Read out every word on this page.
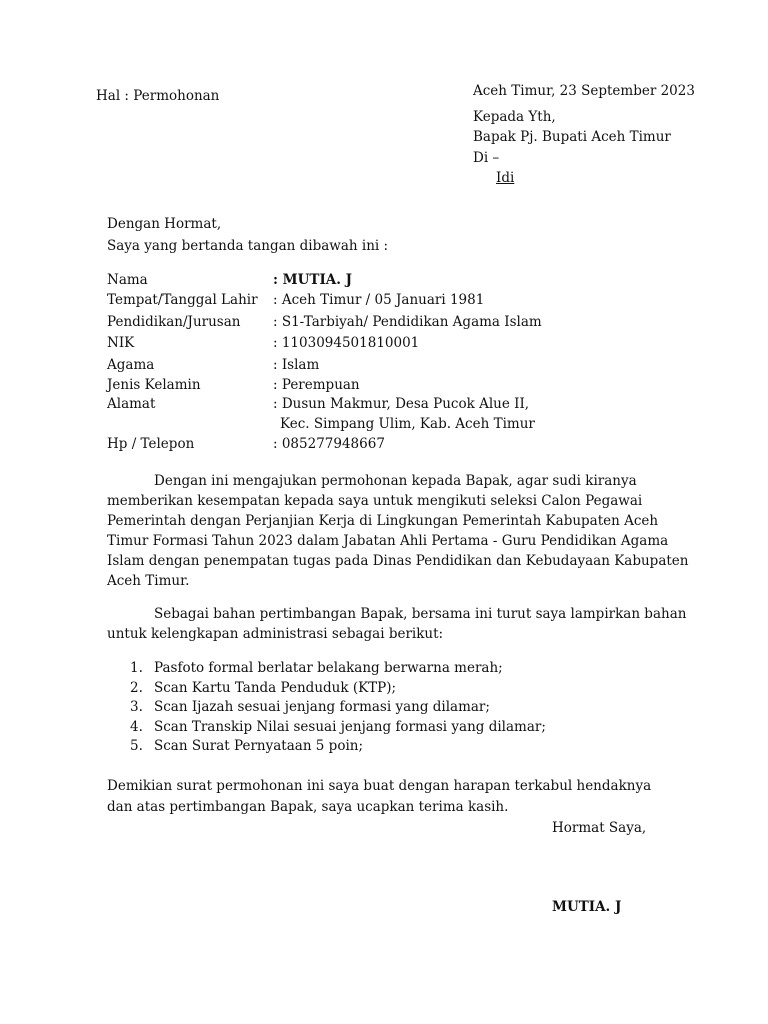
Hal : Permohonan	Aceh Timur, 23 September 2023
Kepada Yth,
Bapak Pj. Bupati Aceh Timur
Di –
Idi
Dengan Hormat,
Saya yang bertanda tangan dibawah ini :
Nama	: MUTIA. J
Tempat/Tanggal Lahir : Aceh Timur / 05 Januari 1981
Pendidikan/Jurusan : S1-Tarbiyah/ Pendidikan Agama Islam
NIK	: 1103094501810001
Agama	: Islam
Jenis Kelamin	: Perempuan
Alamat	: Dusun Makmur, Desa Pucok Alue II,
Kec. Simpang Ulim, Kab. Aceh Timur
Hp / Telepon	: 085277948667
Dengan ini mengajukan permohonan kepada Bapak, agar sudi kiranya
memberikan kesempatan kepada saya untuk mengikuti seleksi Calon Pegawai
Pemerintah dengan Perjanjian Kerja di Lingkungan Pemerintah Kabupaten Aceh
Timur Formasi Tahun 2023 dalam Jabatan Ahli Pertama - Guru Pendidikan Agama
Islam dengan penempatan tugas pada Dinas Pendidikan dan Kebudayaan Kabupaten
Aceh Timur.
Sebagai bahan pertimbangan Bapak, bersama ini turut saya lampirkan bahan
untuk kelengkapan administrasi sebagai berikut:
1. Pasfoto formal berlatar belakang berwarna merah;
2. Scan Kartu Tanda Penduduk (KTP);
3. Scan Ijazah sesuai jenjang formasi yang dilamar;
4. Scan Transkip Nilai sesuai jenjang formasi yang dilamar;
5. Scan Surat Pernyataan 5 poin;
Demikian surat permohonan ini saya buat dengan harapan terkabul hendaknya
dan atas pertimbangan Bapak, saya ucapkan terima kasih.
Hormat Saya,
MUTIA. J
